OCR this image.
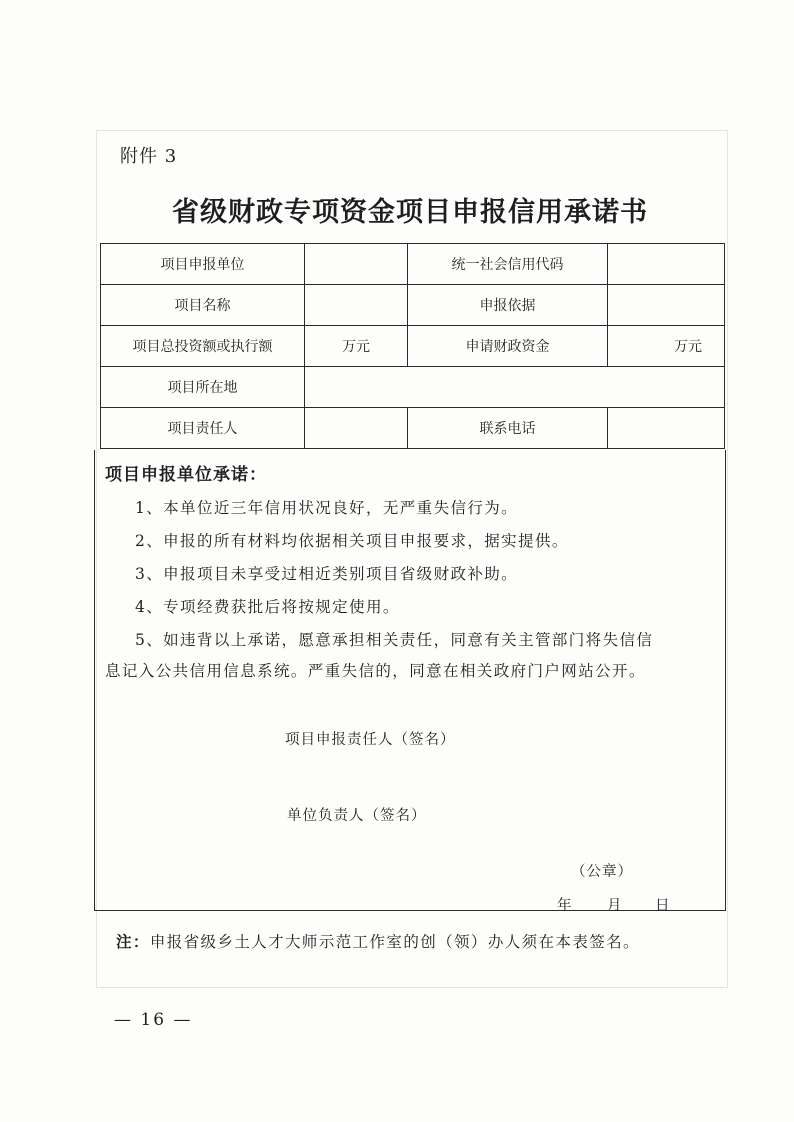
附件 3
省级财政专项资金项目申报信用承诺书
项目申报单位		统一社会信用代码	
项目名称		申报依据	
项目总投资额或执行额	万元	申请财政资金	万元
项目所在地			
项目责任人		联系电话	
项目申报单位承诺：
1、本单位近三年信用状况良好，无严重失信行为。
2、申报的所有材料均依据相关项目申报要求，据实提供。
3、申报项目未享受过相近类别项目省级财政补助。
4、专项经费获批后将按规定使用。
5、如违背以上承诺，愿意承担相关责任，同意有关主管部门将失信信
息记入公共信用信息系统。严重失信的，同意在相关政府门户网站公开。
项目申报责任人（签名）
单位负责人（签名）
（公章）
年 月 日
注：申报省级乡土人才大师示范工作室的创（领）办人须在本表签名。
— 16 —
